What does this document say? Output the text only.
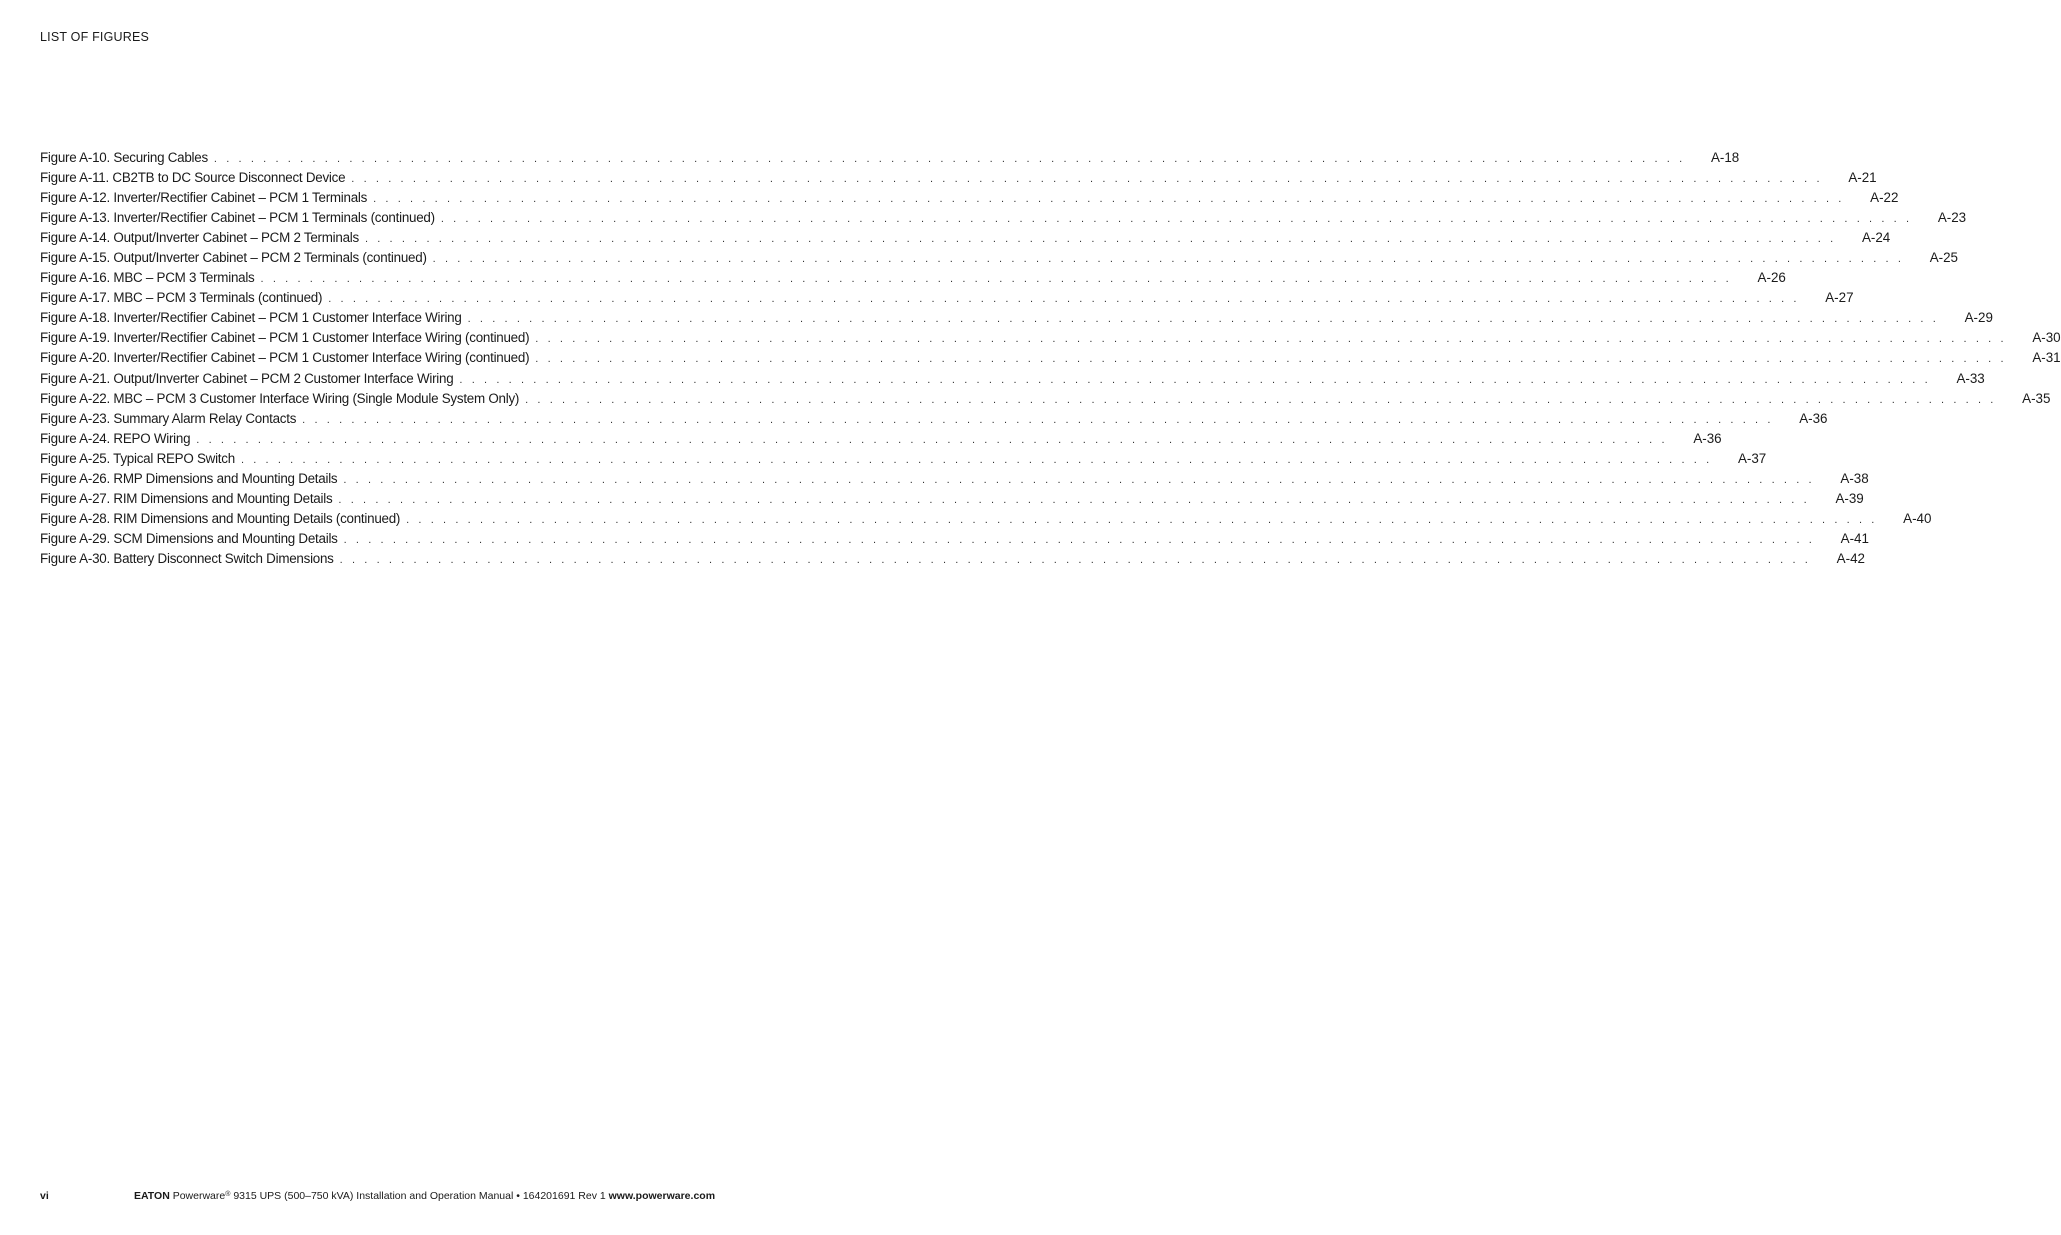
LIST OF FIGURES
Figure A-10. Securing Cables . . . . . . . . . . . . . . . . . . . . . . . . . . . . . . . . . . . . . . . . . . . . . . . . . . . . . . . . . . . . . . . . . . . . . . . . . . . . . . . . . . . . . . . . . . . . . . . . . . . . . . . . . . . . . . . . . . . . . . . .	A-18
Figure A-11. CB2TB to DC Source Disconnect Device . . . . . . . . . . . . . . . . . . . . . . . . . . . . . . . . . . . . . . . . . . . . . . . . . . . . . . . . . . . . . . . . . . . . . . . . . . . . . . . . . . . . . . . . . . . . . . . . . . . . . . . . . . . . . . . . . . . . . . . .	A-21
Figure A-12. Inverter/Rectifier Cabinet – PCM 1 Terminals . . . . . . . . . . . . . . . . . . . . . . . . . . . . . . . . . . . . . . . . . . . . . . . . . . . . . . . . . . . . . . . . . . . . . . . . . . . . . . . . . . . . . . . . . . . . . . . . . . . . . . . . . . . . . . . . . . . . . . . .	A-22
Figure A-13. Inverter/Rectifier Cabinet – PCM 1 Terminals (continued) . . . . . . . . . . . . . . . . . . . . . . . . . . . . . . . . . . . . . . . . . . . . . . . . . . . . . . . . . . . . . . . . . . . . . . . . . . . . . . . . . . . . . . . . . . . . . . . . . . . . . . . . . . . . . . . . . . . . . . . .	A-23
Figure A-14. Output/Inverter Cabinet – PCM 2 Terminals . . . . . . . . . . . . . . . . . . . . . . . . . . . . . . . . . . . . . . . . . . . . . . . . . . . . . . . . . . . . . . . . . . . . . . . . . . . . . . . . . . . . . . . . . . . . . . . . . . . . . . . . . . . . . . . . . . . . . . . .	A-24
Figure A-15. Output/Inverter Cabinet – PCM 2 Terminals (continued) . . . . . . . . . . . . . . . . . . . . . . . . . . . . . . . . . . . . . . . . . . . . . . . . . . . . . . . . . . . . . . . . . . . . . . . . . . . . . . . . . . . . . . . . . . . . . . . . . . . . . . . . . . . . . . . . . . . . . . . .	A-25
Figure A-16. MBC – PCM 3 Terminals . . . . . . . . . . . . . . . . . . . . . . . . . . . . . . . . . . . . . . . . . . . . . . . . . . . . . . . . . . . . . . . . . . . . . . . . . . . . . . . . . . . . . . . . . . . . . . . . . . . . . . . . . . . . . . . . . . . . . . . .	A-26
Figure A-17. MBC – PCM 3 Terminals (continued) . . . . . . . . . . . . . . . . . . . . . . . . . . . . . . . . . . . . . . . . . . . . . . . . . . . . . . . . . . . . . . . . . . . . . . . . . . . . . . . . . . . . . . . . . . . . . . . . . . . . . . . . . . . . . . . . . . . . . . . .	A-27
Figure A-18. Inverter/Rectifier Cabinet – PCM 1 Customer Interface Wiring . . . . . . . . . . . . . . . . . . . . . . . . . . . . . . . . . . . . . . . . . . . . . . . . . . . . . . . . . . . . . . . . . . . . . . . . . . . . . . . . . . . . . . . . . . . . . . . . . . . . . . . . . . . . . . . . . . . . . . . .	A-29
Figure A-19. Inverter/Rectifier Cabinet – PCM 1 Customer Interface Wiring (continued) . . . . . . . . . . . . . . . . . . . . . . . . . . . . . . . . . . . . . . . . . . . . . . . . . . . . . . . . . . . . . . . . . . . . . . . . . . . . . . . . . . . . . . . . . . . . . . . . . . . . . . . . . . . . . . . . . . . . . . . .	A-30
Figure A-20. Inverter/Rectifier Cabinet – PCM 1 Customer Interface Wiring (continued) . . . . . . . . . . . . . . . . . . . . . . . . . . . . . . . . . . . . . . . . . . . . . . . . . . . . . . . . . . . . . . . . . . . . . . . . . . . . . . . . . . . . . . . . . . . . . . . . . . . . . . . . . . . . . . . . . . . . . . . .	A-31
Figure A-21. Output/Inverter Cabinet – PCM 2 Customer Interface Wiring . . . . . . . . . . . . . . . . . . . . . . . . . . . . . . . . . . . . . . . . . . . . . . . . . . . . . . . . . . . . . . . . . . . . . . . . . . . . . . . . . . . . . . . . . . . . . . . . . . . . . . . . . . . . . . . . . . . . . . . .	A-33
Figure A-22. MBC – PCM 3 Customer Interface Wiring (Single Module System Only) . . . . . . . . . . . . . . . . . . . . . . . . . . . . . . . . . . . . . . . . . . . . . . . . . . . . . . . . . . . . . . . . . . . . . . . . . . . . . . . . . . . . . . . . . . . . . . . . . . . . . . . . . . . . . . . . . . . . . . . .	A-35
Figure A-23. Summary Alarm Relay Contacts . . . . . . . . . . . . . . . . . . . . . . . . . . . . . . . . . . . . . . . . . . . . . . . . . . . . . . . . . . . . . . . . . . . . . . . . . . . . . . . . . . . . . . . . . . . . . . . . . . . . . . . . . . . . . . . . . . . . . . . .	A-36
Figure A-24. REPO Wiring . . . . . . . . . . . . . . . . . . . . . . . . . . . . . . . . . . . . . . . . . . . . . . . . . . . . . . . . . . . . . . . . . . . . . . . . . . . . . . . . . . . . . . . . . . . . . . . . . . . . . . . . . . . . . . . . . . . . . . . .	A-36
Figure A-25. Typical REPO Switch . . . . . . . . . . . . . . . . . . . . . . . . . . . . . . . . . . . . . . . . . . . . . . . . . . . . . . . . . . . . . . . . . . . . . . . . . . . . . . . . . . . . . . . . . . . . . . . . . . . . . . . . . . . . . . . . . . . . . . . .	A-37
Figure A-26. RMP Dimensions and Mounting Details . . . . . . . . . . . . . . . . . . . . . . . . . . . . . . . . . . . . . . . . . . . . . . . . . . . . . . . . . . . . . . . . . . . . . . . . . . . . . . . . . . . . . . . . . . . . . . . . . . . . . . . . . . . . . . . . . . . . . . . .	A-38
Figure A-27. RIM Dimensions and Mounting Details . . . . . . . . . . . . . . . . . . . . . . . . . . . . . . . . . . . . . . . . . . . . . . . . . . . . . . . . . . . . . . . . . . . . . . . . . . . . . . . . . . . . . . . . . . . . . . . . . . . . . . . . . . . . . . . . . . . . . . . .	A-39
Figure A-28. RIM Dimensions and Mounting Details (continued) . . . . . . . . . . . . . . . . . . . . . . . . . . . . . . . . . . . . . . . . . . . . . . . . . . . . . . . . . . . . . . . . . . . . . . . . . . . . . . . . . . . . . . . . . . . . . . . . . . . . . . . . . . . . . . . . . . . . . . . .	A-40
Figure A-29. SCM Dimensions and Mounting Details . . . . . . . . . . . . . . . . . . . . . . . . . . . . . . . . . . . . . . . . . . . . . . . . . . . . . . . . . . . . . . . . . . . . . . . . . . . . . . . . . . . . . . . . . . . . . . . . . . . . . . . . . . . . . . . . . . . . . . . .	A-41
Figure A-30. Battery Disconnect Switch Dimensions . . . . . . . . . . . . . . . . . . . . . . . . . . . . . . . . . . . . . . . . . . . . . . . . . . . . . . . . . . . . . . . . . . . . . . . . . . . . . . . . . . . . . . . . . . . . . . . . . . . . . . . . . . . . . . . . . . . . . . . .	A-42
vi	EATON Powerware® 9315 UPS (500–750 kVA) Installation and Operation Manual • 164201691 Rev 1 www.powerware.com
